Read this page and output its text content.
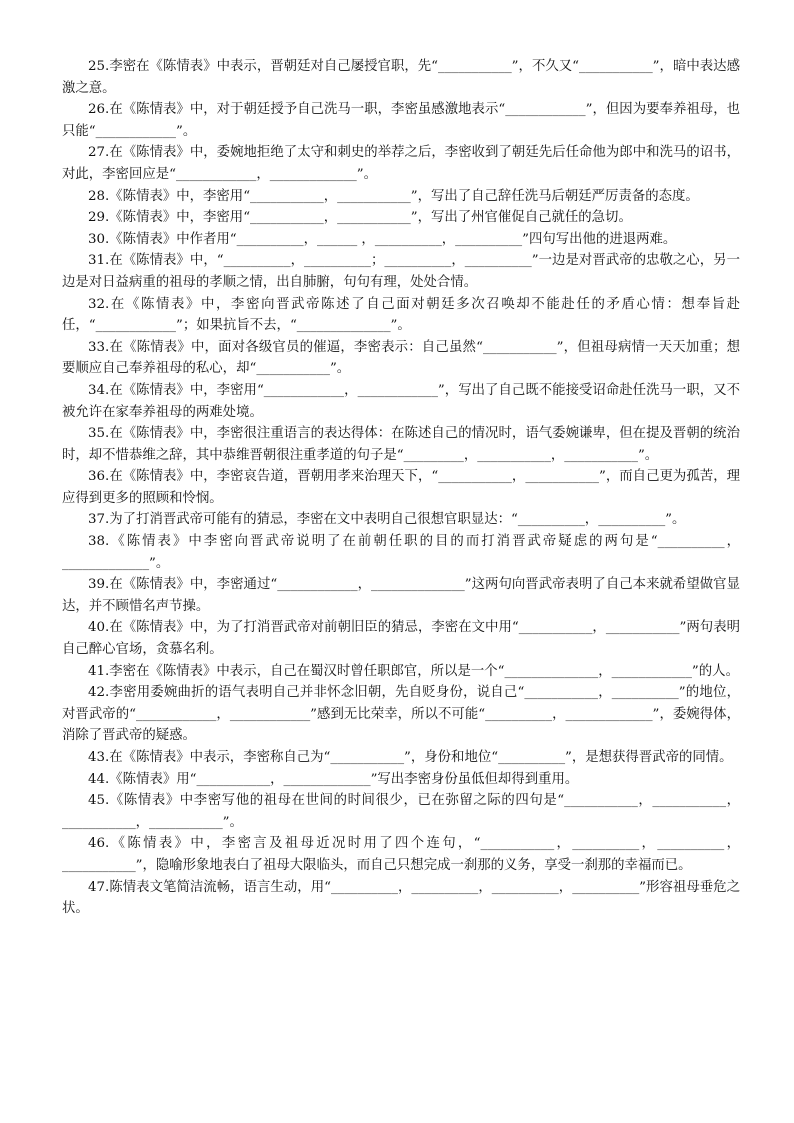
25.李密在《陈情表》中表示，晋朝廷对自己屡授官职，先“___________”，不久又“___________”，暗中表达感激之意。

26.在《陈情表》中，对于朝廷授予自己洗马一职，李密虽感激地表示“____________”，但因为要奉养祖母，也只能“____________”。

27.在《陈情表》中，委婉地拒绝了太守和刺史的举荐之后，李密收到了朝廷先后任命他为郎中和洗马的诏书，对此，李密回应是“____________，_____________”。

28.《陈情表》中，李密用“___________，___________”，写出了自己辞任洗马后朝廷严厉责备的态度。

29.《陈情表》中，李密用“___________，___________”，写出了州官催促自己就任的急切。

30.《陈情表》中作者用“__________，______ ，__________，__________”四句写出他的进退两难。

31.在《陈情表》中，“__________，__________；__________，__________”一边是对晋武帝的忠敬之心，另一边是对日益病重的祖母的孝顺之情，出自肺腑，句句有理，处处合情。

32.在《陈情表》中，李密向晋武帝陈述了自己面对朝廷多次召唤却不能赴任的矛盾心情：想奉旨赴任，“____________”；如果抗旨不去，“______________”。

33.在《陈情表》中，面对各级官员的催逼，李密表示：自己虽然“___________”，但祖母病情一天天加重；想要顺应自己奉养祖母的私心，却“___________”。

34.在《陈情表》中，李密用“____________，____________”，写出了自己既不能接受诏命赴任洗马一职，又不被允许在家奉养祖母的两难处境。

35.在《陈情表》中，李密很注重语言的表达得体：在陈述自己的情况时，语气委婉谦卑，但在提及晋朝的统治时，却不惜恭维之辞，其中恭维晋朝很注重孝道的句子是“_________，___________，___________”。

36.在《陈情表》中，李密哀告道，晋朝用孝来治理天下，“___________，___________”，而自己更为孤苦，理应得到更多的照顾和怜悯。

37.为了打消晋武帝可能有的猜忌，李密在文中表明自己很想官职显达：“__________，__________”。

38.《陈情表》中李密向晋武帝说明了在前朝任职的目的而打消晋武帝疑虑的两句是“__________，_____________”。

39.在《陈情表》中，李密通过“____________，______________”这两句向晋武帝表明了自己本来就希望做官显达，并不顾惜名声节操。

40.在《陈情表》中，为了打消晋武帝对前朝旧臣的猜忌，李密在文中用“___________，___________”两句表明自己醉心官场，贪慕名利。

41.李密在《陈情表》中表示，自己在蜀汉时曾任职郎官，所以是一个“______________，____________”的人。

42.李密用委婉曲折的语气表明自己并非怀念旧朝，先自贬身份，说自己“___________，__________”的地位，对晋武帝的“____________，____________”感到无比荣幸，所以不可能“__________，_____________”，委婉得体，消除了晋武帝的疑惑。

43.在《陈情表》中表示，李密称自己为“___________”，身份和地位“__________”，是想获得晋武帝的同情。

44.《陈情表》用“___________，_____________”写出李密身份虽低但却得到重用。

45.《陈情表》中李密写他的祖母在世间的时间很少，已在弥留之际的四句是“___________，___________，___________，___________”。

46.《陈情表》中，李密言及祖母近况时用了四个连句，“___________，__________，__________，___________”，隐喻形象地表白了祖母大限临头，而自己只想完成一刹那的义务，享受一刹那的幸福而已。

47.陈情表文笔简洁流畅，语言生动，用“__________，__________，__________，__________”形容祖母垂危之状。
